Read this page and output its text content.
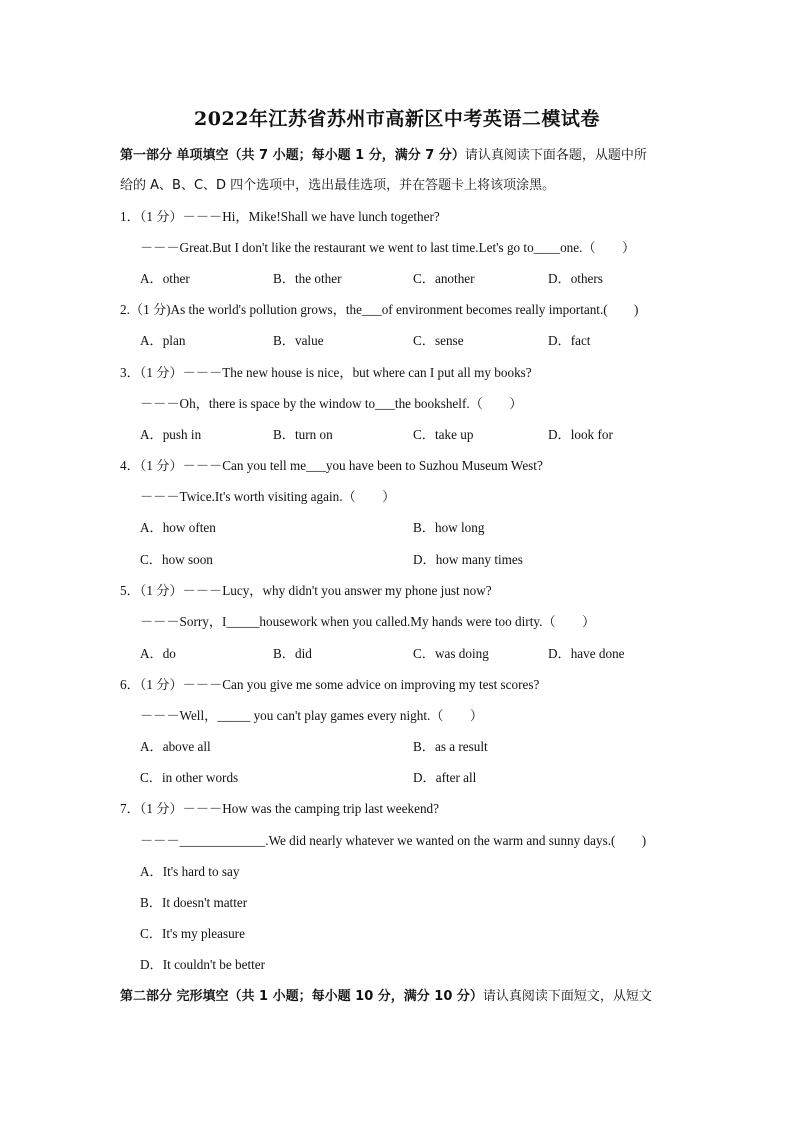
2022年江苏省苏州市高新区中考英语二模试卷
第一部分 单项填空（共 7 小题；每小题 1 分，满分 7 分）请认真阅读下面各题，从题中所
给的 A、B、C、D 四个选项中，选出最佳选项，并在答题卡上将该项涂黑。
1．（1 分）－－－Hi，Mike!Shall we have lunch together?
－－－Great.But I don't like the restaurant we went to last time.Let's go to____one.（　　）
A．other	B．the other	C．another	D．others
2.（1 分)As the world's pollution grows，the___of environment becomes really important.(　　)
A．plan	B．value	C．sense	D．fact
3．（1 分）－－－The new house is nice，but where can I put all my books?
－－－Oh，there is space by the window to___the bookshelf.（　　）
A．push in	B．turn on	C．take up	D．look for
4．（1 分）－－－Can you tell me___you have been to Suzhou Museum West?
－－－Twice.It's worth visiting again.（　　）
A．how often	B．how long
C．how soon	D．how many times
5．（1 分）－－－Lucy，why didn't you answer my phone just now?
－－－Sorry，I_____housework when you called.My hands were too dirty.（　　）
A．do	B．did	C．was doing	D．have done
6．（1 分）－－－Can you give me some advice on improving my test scores?
－－－Well，_____ you can't play games every night.（　　）
A．above all	B．as a result
C．in other words	D．after all
7．（1 分）－－－How was the camping trip last weekend?
－－－_____________.We did nearly whatever we wanted on the warm and sunny days.(　　)
A．It's hard to say
B．It doesn't matter
C．It's my pleasure
D．It couldn't be better
第二部分 完形填空（共 1 小题；每小题 10 分，满分 10 分）请认真阅读下面短文，从短文
